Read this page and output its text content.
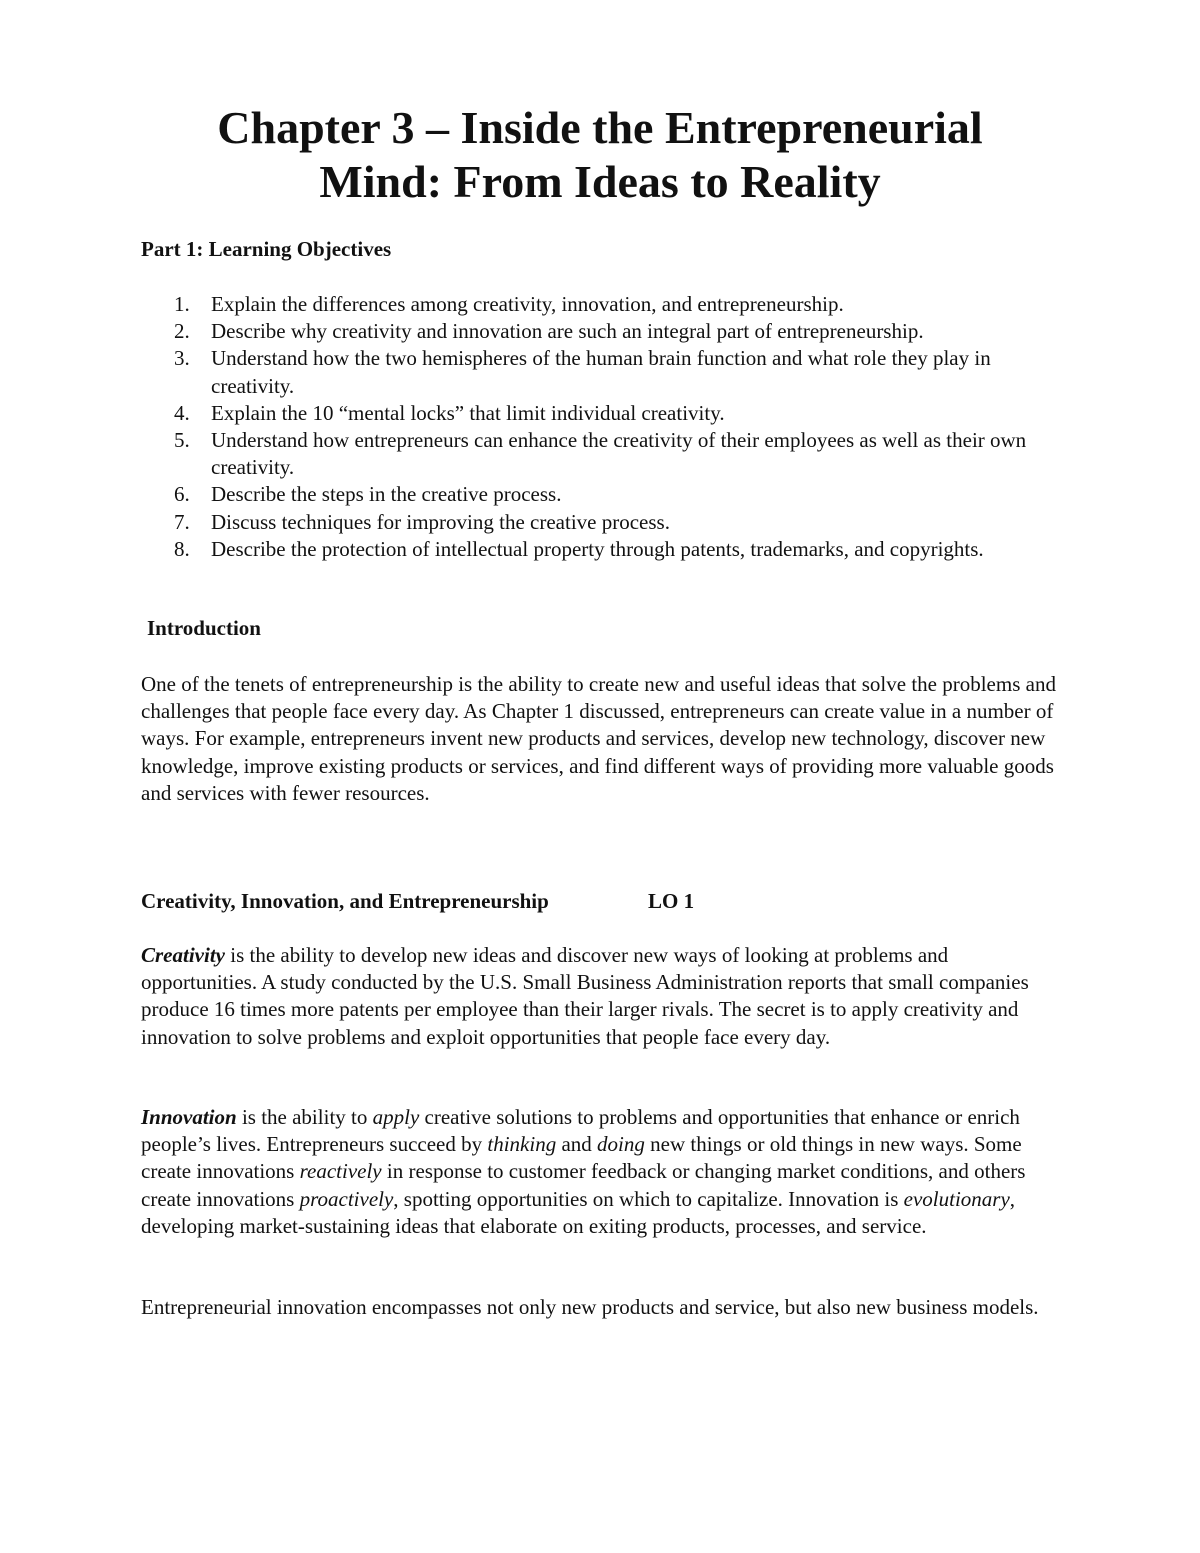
Chapter 3 – Inside the Entrepreneurial
Mind: From Ideas to Reality
Part 1: Learning Objectives
1. Explain the differences among creativity, innovation, and entrepreneurship.
2. Describe why creativity and innovation are such an integral part of entrepreneurship.
3. Understand how the two hemispheres of the human brain function and what role they play in creativity.
4. Explain the 10 “mental locks” that limit individual creativity.
5. Understand how entrepreneurs can enhance the creativity of their employees as well as their own creativity.
6. Describe the steps in the creative process.
7. Discuss techniques for improving the creative process.
8. Describe the protection of intellectual property through patents, trademarks, and copyrights.
Introduction

One of the tenets of entrepreneurship is the ability to create new and useful ideas that solve the problems and challenges that people face every day. As Chapter 1 discussed, entrepreneurs can create value in a number of ways. For example, entrepreneurs invent new products and services, develop new technology, discover new knowledge, improve existing products or services, and find different ways of providing more valuable goods and services with fewer resources.

Creativity, Innovation, and Entrepreneurship	LO 1

Creativity is the ability to develop new ideas and discover new ways of looking at problems and opportunities. A study conducted by the U.S. Small Business Administration reports that small companies produce 16 times more patents per employee than their larger rivals. The secret is to apply creativity and innovation to solve problems and exploit opportunities that people face every day.

Innovation is the ability to apply creative solutions to problems and opportunities that enhance or enrich people’s lives. Entrepreneurs succeed by thinking and doing new things or old things in new ways. Some create innovations reactively in response to customer feedback or changing market conditions, and others create innovations proactively, spotting opportunities on which to capitalize. Innovation is evolutionary, developing market-sustaining ideas that elaborate on exiting products, processes, and service.

Entrepreneurial innovation encompasses not only new products and service, but also new business models.
